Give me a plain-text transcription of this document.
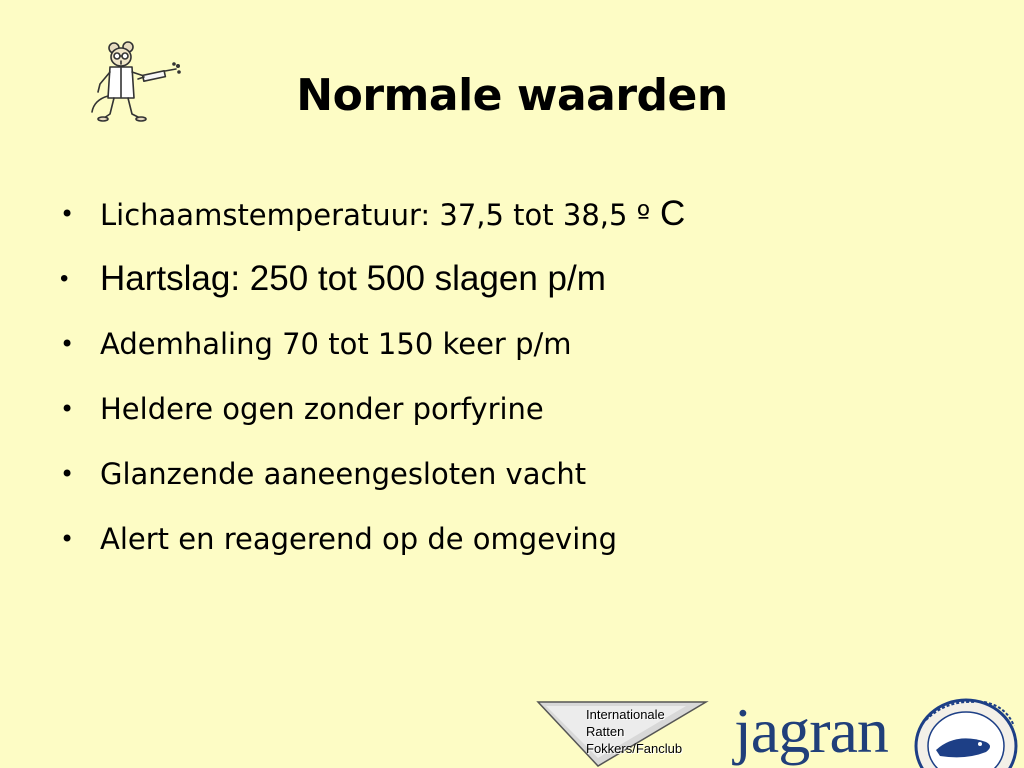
Normale waarden
• Lichaamstemperatuur: 37,5 tot 38,5 º C
• Hartslag: 250 tot 500 slagen p/m
• Ademhaling 70 tot 150 keer p/m
• Heldere ogen zonder porfyrine
• Glanzende aaneengesloten vacht
• Alert en reagerend op de omgeving
Internationale
Ratten
Fokkers/Fanclub jagran
